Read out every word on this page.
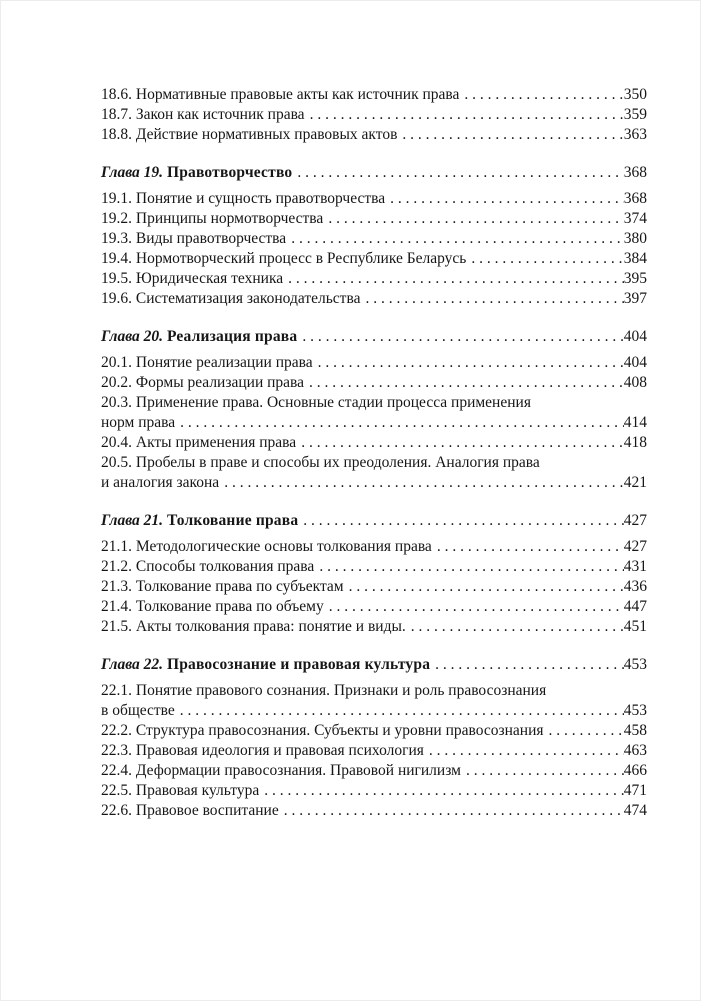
18.6. Нормативные правовые акты как источник права . . .	350
18.7. Закон как источник права . . .	359
18.8. Действие нормативных правовых актов . . .	363
Глава 19. Правотворчество . . .	368
19.1. Понятие и сущность правотворчества . . .	368
19.2. Принципы нормотворчества . . .	374
19.3. Виды правотворчества . . .	380
19.4. Нормотворческий процесс в Республике Беларусь . . .	384
19.5. Юридическая техника . . .	395
19.6. Систематизация законодательства . . .	397
Глава 20. Реализация права . . .	404
20.1. Понятие реализации права . . .	404
20.2. Формы реализации права . . .	408
20.3. Применение права. Основные стадии процесса применения
норм права . . .	414
20.4. Акты применения права . . .	418
20.5. Пробелы в праве и способы их преодоления. Аналогия права
и аналогия закона . . .	421
Глава 21. Толкование права . . .	427
21.1. Методологические основы толкования права . . .	427
21.2. Способы толкования права . . .	431
21.3. Толкование права по субъектам . . .	436
21.4. Толкование права по объему . . .	447
21.5. Акты толкования права: понятие и виды. . . .	451
Глава 22. Правосознание и правовая культура . . .	453
22.1. Понятие правового сознания. Признаки и роль правосознания
в обществе . . .	453
22.2. Структура правосознания. Субъекты и уровни правосознания . . .	458
22.3. Правовая идеология и правовая психология . . .	463
22.4. Деформации правосознания. Правовой нигилизм . . .	466
22.5. Правовая культура . . .	471
22.6. Правовое воспитание . . .	474
